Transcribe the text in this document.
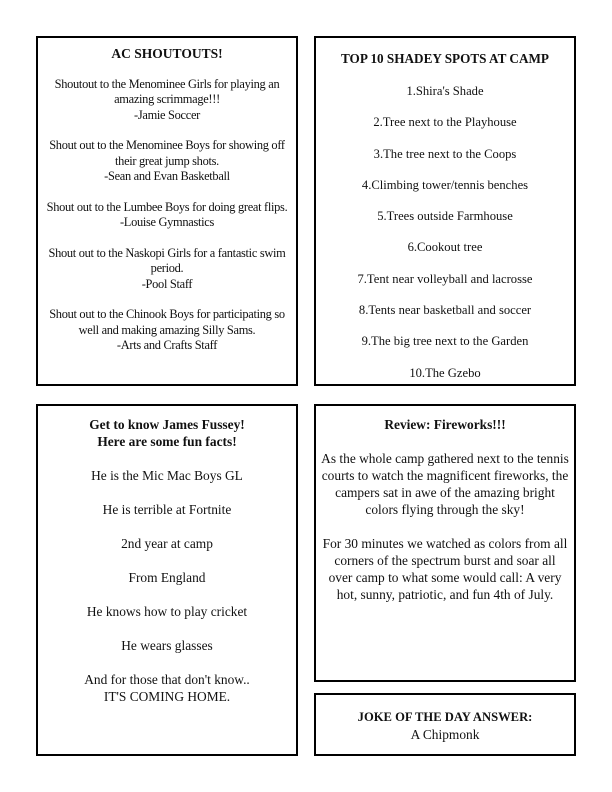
AC SHOUTOUTS!

Shoutout to the Menominee Girls for playing an amazing scrimmage!!!

-Jamie Soccer

Shout out to the Menominee Boys for showing off their great jump shots.

-Sean and Evan Basketball

Shout out to the Lumbee Boys for doing great flips.

-Louise Gymnastics

Shout out to the Naskopi Girls for a fantastic swim period.

-Pool Staff

Shout out to the Chinook Boys for participating so well and making amazing Silly Sams.

-Arts and Crafts Staff

TOP 10 SHADEY SPOTS AT CAMP
1.Shira's Shade
2.Tree next to the Playhouse
3.The tree next to the Coops
4.Climbing tower/tennis benches
5.Trees outside Farmhouse
6.Cookout tree
7.Tent near volleyball and lacrosse
8.Tents near basketball and soccer
9.The big tree next to the Garden
10.The Gzebo
Get to know James Fussey!
Here are some fun facts!

He is the Mic Mac Boys GL

He is terrible at Fortnite

2nd year at camp

From England

He knows how to play cricket

He wears glasses

And for those that don't know..

IT'S COMING HOME.

Review: Fireworks!!!

As the whole camp gathered next to the tennis courts to watch the magnificent fireworks, the campers sat in awe of the amazing bright colors flying through the sky!

For 30 minutes we watched as colors from all corners of the spectrum burst and soar all over camp to what some would call: A very hot, sunny, patriotic, and fun 4th of July.

JOKE OF THE DAY ANSWER:

A Chipmonk
